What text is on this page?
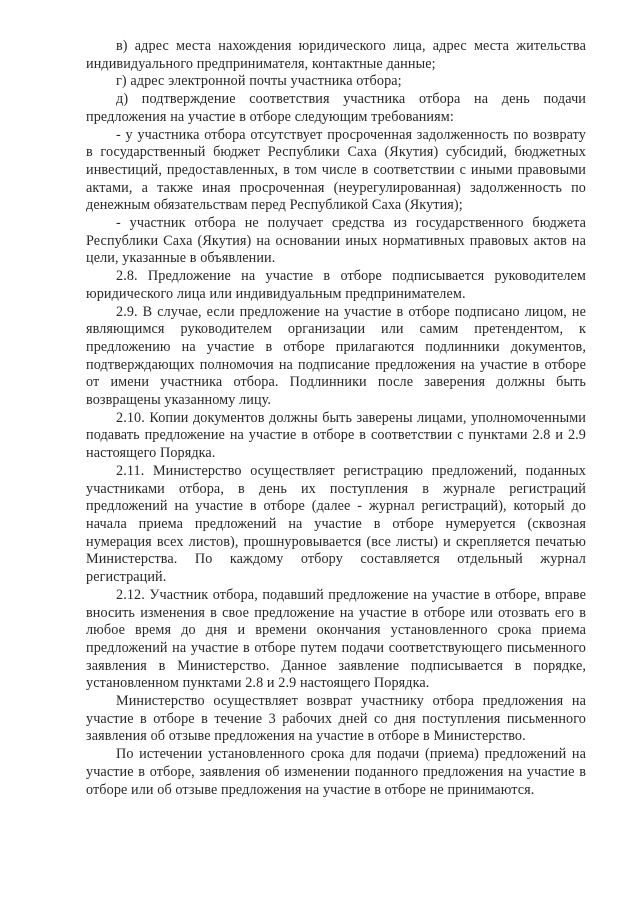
в) адрес места нахождения юридического лица, адрес места жительства индивидуального предпринимателя, контактные данные;

г) адрес электронной почты участника отбора;

д) подтверждение соответствия участника отбора на день подачи предложения на участие в отборе следующим требованиям:

- у участника отбора отсутствует просроченная задолженность по возврату в государственный бюджет Республики Саха (Якутия) субсидий, бюджетных инвестиций, предоставленных, в том числе в соответствии с иными правовыми актами, а также иная просроченная (неурегулированная) задолженность по денежным обязательствам перед Республикой Саха (Якутия);

- участник отбора не получает средства из государственного бюджета Республики Саха (Якутия) на основании иных нормативных правовых актов на цели, указанные в объявлении.

2.8. Предложение на участие в отборе подписывается руководителем юридического лица или индивидуальным предпринимателем.

2.9. В случае, если предложение на участие в отборе подписано лицом, не являющимся руководителем организации или самим претендентом, к предложению на участие в отборе прилагаются подлинники документов, подтверждающих полномочия на подписание предложения на участие в отборе от имени участника отбора. Подлинники после заверения должны быть возвращены указанному лицу.

2.10. Копии документов должны быть заверены лицами, уполномоченными подавать предложение на участие в отборе в соответствии с пунктами 2.8 и 2.9 настоящего Порядка.

2.11. Министерство осуществляет регистрацию предложений, поданных участниками отбора, в день их поступления в журнале регистраций предложений на участие в отборе (далее - журнал регистраций), который до начала приема предложений на участие в отборе нумеруется (сквозная нумерация всех листов), прошнуровывается (все листы) и скрепляется печатью Министерства. По каждому отбору составляется отдельный журнал регистраций.

2.12. Участник отбора, подавший предложение на участие в отборе, вправе вносить изменения в свое предложение на участие в отборе или отозвать его в любое время до дня и времени окончания установленного срока приема предложений на участие в отборе путем подачи соответствующего письменного заявления в Министерство. Данное заявление подписывается в порядке, установленном пунктами 2.8 и 2.9 настоящего Порядка.

Министерство осуществляет возврат участнику отбора предложения на участие в отборе в течение 3 рабочих дней со дня поступления письменного заявления об отзыве предложения на участие в отборе в Министерство.

По истечении установленного срока для подачи (приема) предложений на участие в отборе, заявления об изменении поданного предложения на участие в отборе или об отзыве предложения на участие в отборе не принимаются.
